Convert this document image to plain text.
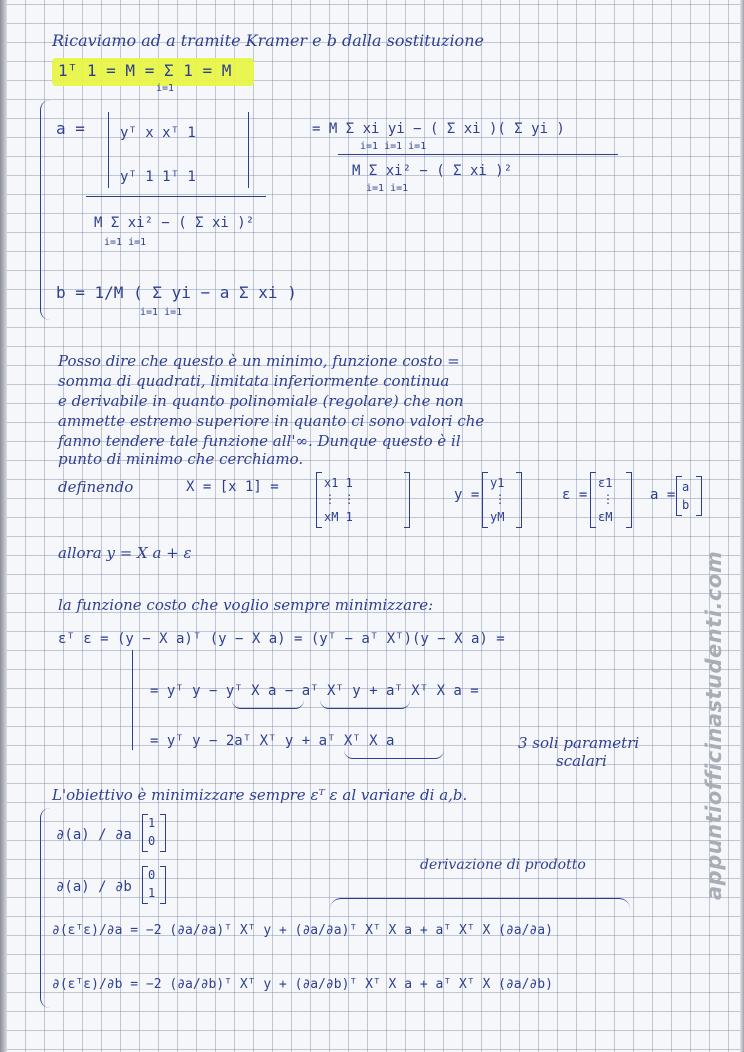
appuntiofficinastudenti.com
Ricaviamo ad a tramite Kramer e b dalla sostituzione
1ᵀ 1 = M = Σ 1 = M
i=1
a =	yᵀ x xᵀ 1
yᵀ 1 1ᵀ 1
M Σ xi² − ( Σ xi )²
i=1 i=1
= M Σ xi yi − ( Σ xi )( Σ yi )
i=1 i=1 i=1
M Σ xi² − ( Σ xi )²
i=1 i=1
b = 1/M ( Σ yi − a Σ xi )
i=1 i=1
Posso dire che questo è un minimo, funzione costo =
somma di quadrati, limitata inferiormente continua
e derivabile in quanto polinomiale (regolare) che non
ammette estremo superiore in quanto ci sono valori che
fanno tendere tale funzione all'∞. Dunque questo è il
punto di minimo che cerchiamo.
definendo	X = [x 1] =	x1 1
⋮ ⋮
xM 1
y =
y1
⋮
yM
ε =
ε1
⋮
εM
a = a
b
allora y = X a + ε
la funzione costo che voglio sempre minimizzare:
εᵀ ε = (y − X a)ᵀ (y − X a) = (yᵀ − aᵀ Xᵀ)(y − X a) =
= yᵀ y − yᵀ X a − aᵀ Xᵀ y + aᵀ Xᵀ X a =
= yᵀ y − 2aᵀ Xᵀ y + aᵀ Xᵀ X a	3 soli parametri
scalari
L'obiettivo è minimizzare sempre εᵀ ε al variare di a,b.
∂(a) / ∂a
1
0
∂(a) / ∂b
0
1
derivazione di prodotto
∂(εᵀε)/∂a = −2 (∂a/∂a)ᵀ Xᵀ y + (∂a/∂a)ᵀ Xᵀ X a + aᵀ Xᵀ X (∂a/∂a)
∂(εᵀε)/∂b = −2 (∂a/∂b)ᵀ Xᵀ y + (∂a/∂b)ᵀ Xᵀ X a + aᵀ Xᵀ X (∂a/∂b)
